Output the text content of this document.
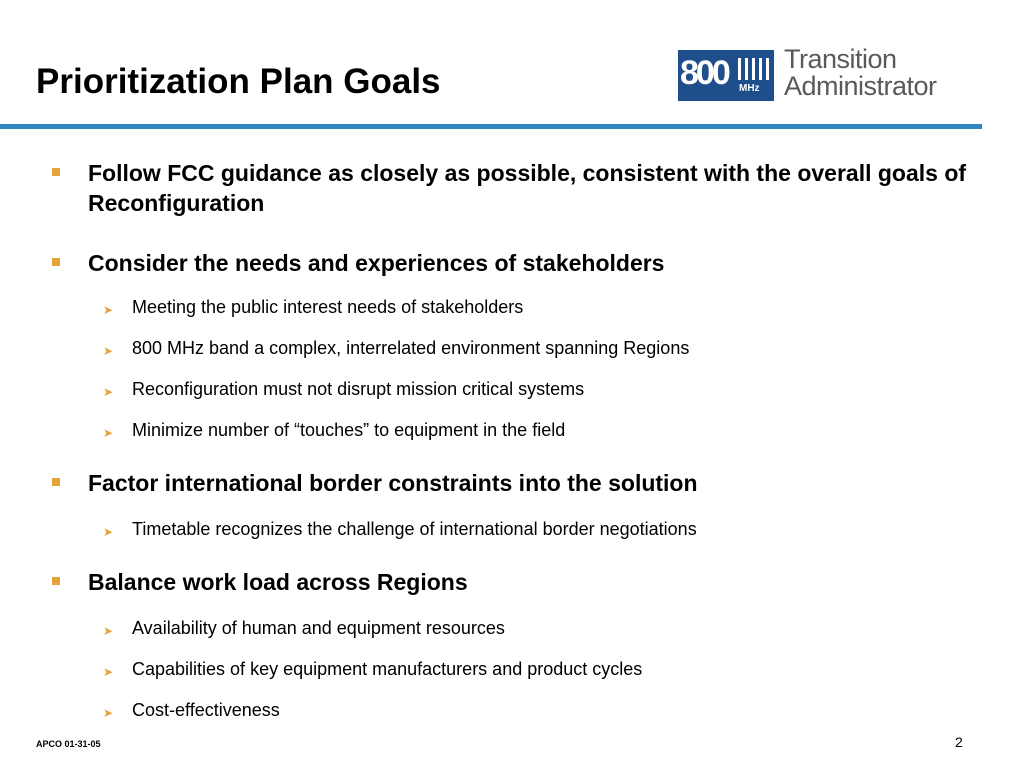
Prioritization Plan Goals	800 MHz
Transition
Administrator
Follow FCC guidance as closely as possible, consistent with the overall goals of Reconfiguration
Consider the needs and experiences of stakeholders
➤ Meeting the public interest needs of stakeholders
➤ 800 MHz band a complex, interrelated environment spanning Regions
➤ Reconfiguration must not disrupt mission critical systems
➤ Minimize number of “touches” to equipment in the field
Factor international border constraints into the solution
➤ Timetable recognizes the challenge of international border negotiations
Balance work load across Regions
➤ Availability of human and equipment resources
➤ Capabilities of key equipment manufacturers and product cycles
➤ Cost-effectiveness
APCO 01-31-05	2
